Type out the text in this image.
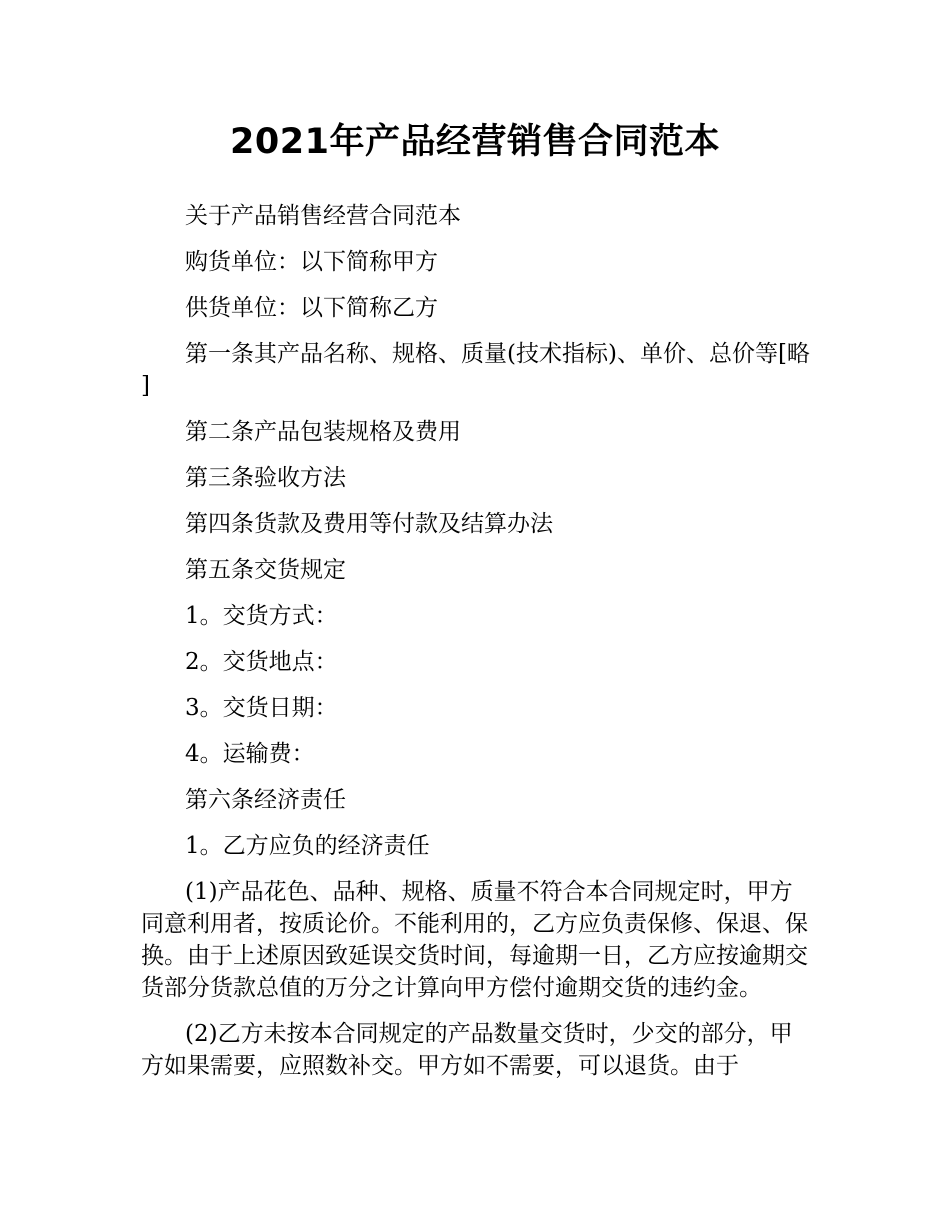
2021年产品经营销售合同范本

关于产品销售经营合同范本

购货单位：以下简称甲方

供货单位：以下简称乙方

第一条其产品名称、规格、质量(技术指标)、单价、总价等[略]

第二条产品包装规格及费用

第三条验收方法

第四条货款及费用等付款及结算办法

第五条交货规定

1。交货方式：

2。交货地点：

3。交货日期：

4。运输费：

第六条经济责任

1。乙方应负的经济责任

(1)产品花色、品种、规格、质量不符合本合同规定时，甲方同意利用者，按质论价。不能利用的，乙方应负责保修、保退、保换。由于上述原因致延误交货时间，每逾期一日，乙方应按逾期交货部分货款总值的万分之计算向甲方偿付逾期交货的违约金。

(2)乙方未按本合同规定的产品数量交货时，少交的部分，甲方如果需要，应照数补交。甲方如不需要，可以退货。由于
